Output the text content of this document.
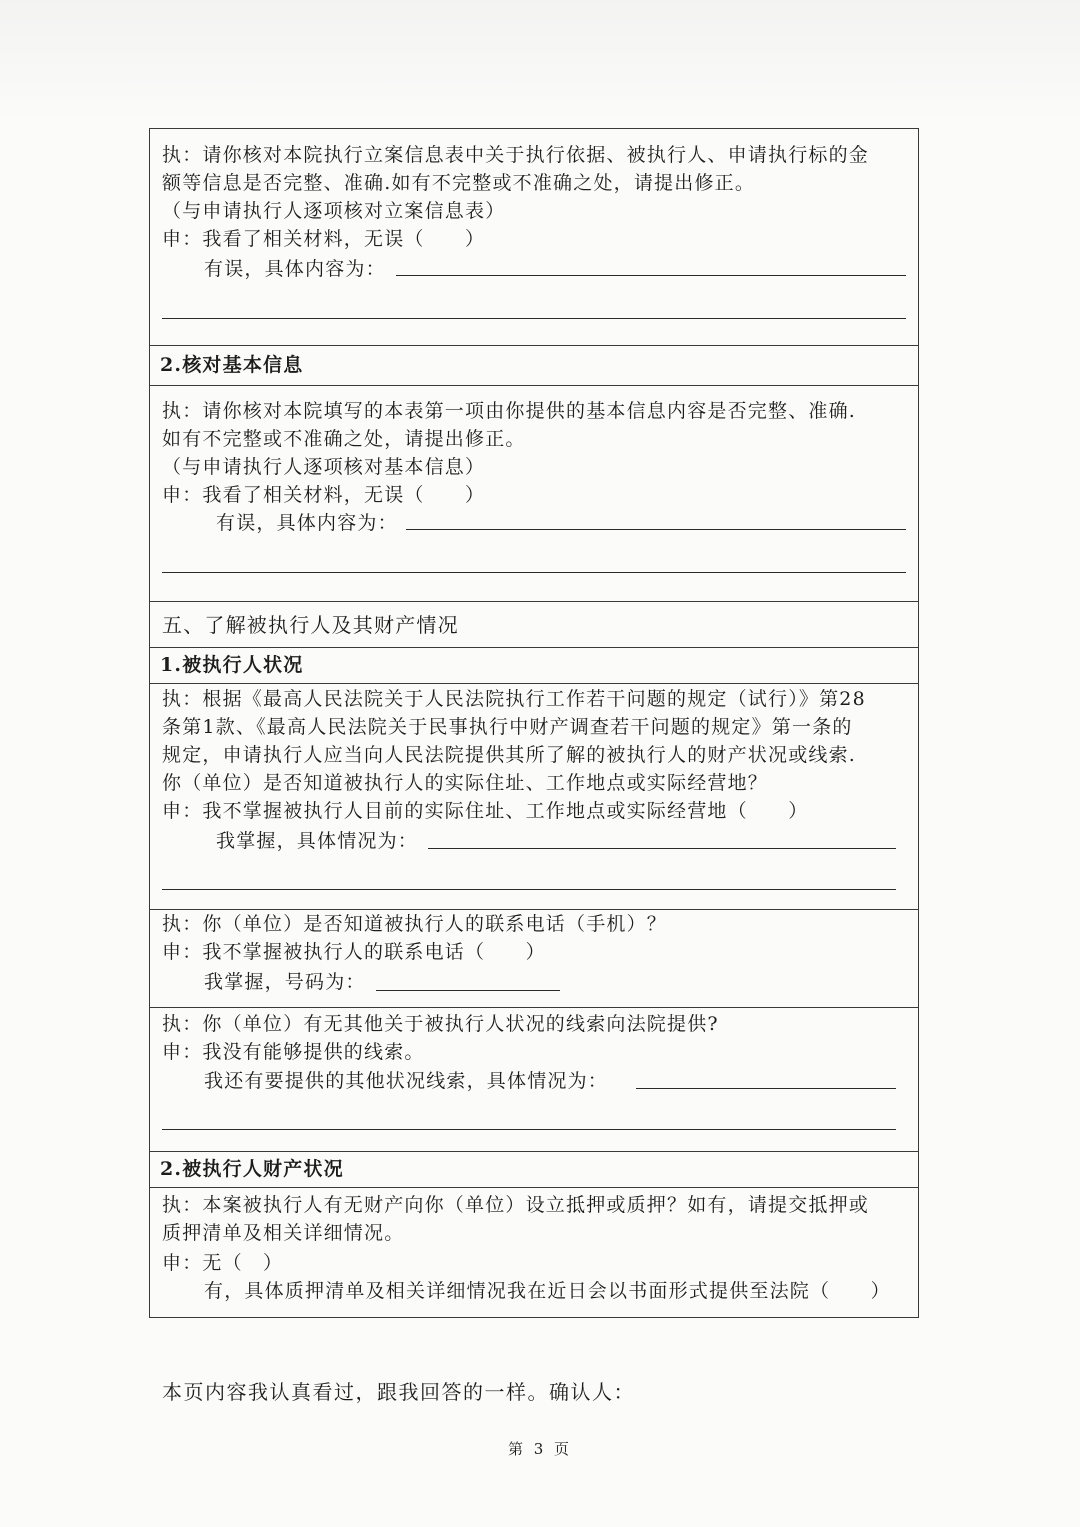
执：请你核对本院执行立案信息表中关于执行依据、被执行人、申请执行标的金
额等信息是否完整、准确.如有不完整或不准确之处，请提出修正。
（与申请执行人逐项核对立案信息表）
申：我看了相关材料，无误（　　）
有误，具体内容为：
2.核对基本信息
执：请你核对本院填写的本表第一项由你提供的基本信息内容是否完整、准确.
如有不完整或不准确之处，请提出修正。
（与申请执行人逐项核对基本信息）
申：我看了相关材料，无误（　　）
有误，具体内容为：
五、了解被执行人及其财产情况
1.被执行人状况
执：根据《最高人民法院关于人民法院执行工作若干问题的规定（试行）》第28
条第1款、《最高人民法院关于民事执行中财产调查若干问题的规定》第一条的
规定，申请执行人应当向人民法院提供其所了解的被执行人的财产状况或线索.
你（单位）是否知道被执行人的实际住址、工作地点或实际经营地？
申：我不掌握被执行人目前的实际住址、工作地点或实际经营地（　　）
我掌握，具体情况为：
执：你（单位）是否知道被执行人的联系电话（手机）？
申：我不掌握被执行人的联系电话（　　）
我掌握，号码为：
执：你（单位）有无其他关于被执行人状况的线索向法院提供?
申：我没有能够提供的线索。
我还有要提供的其他状况线索，具体情况为：
2.被执行人财产状况
执：本案被执行人有无财产向你（单位）设立抵押或质押？如有，请提交抵押或
质押清单及相关详细情况。
申：无（　）
有，具体质押清单及相关详细情况我在近日会以书面形式提供至法院（　　）
本页内容我认真看过，跟我回答的一样。确认人：
第 3 页
